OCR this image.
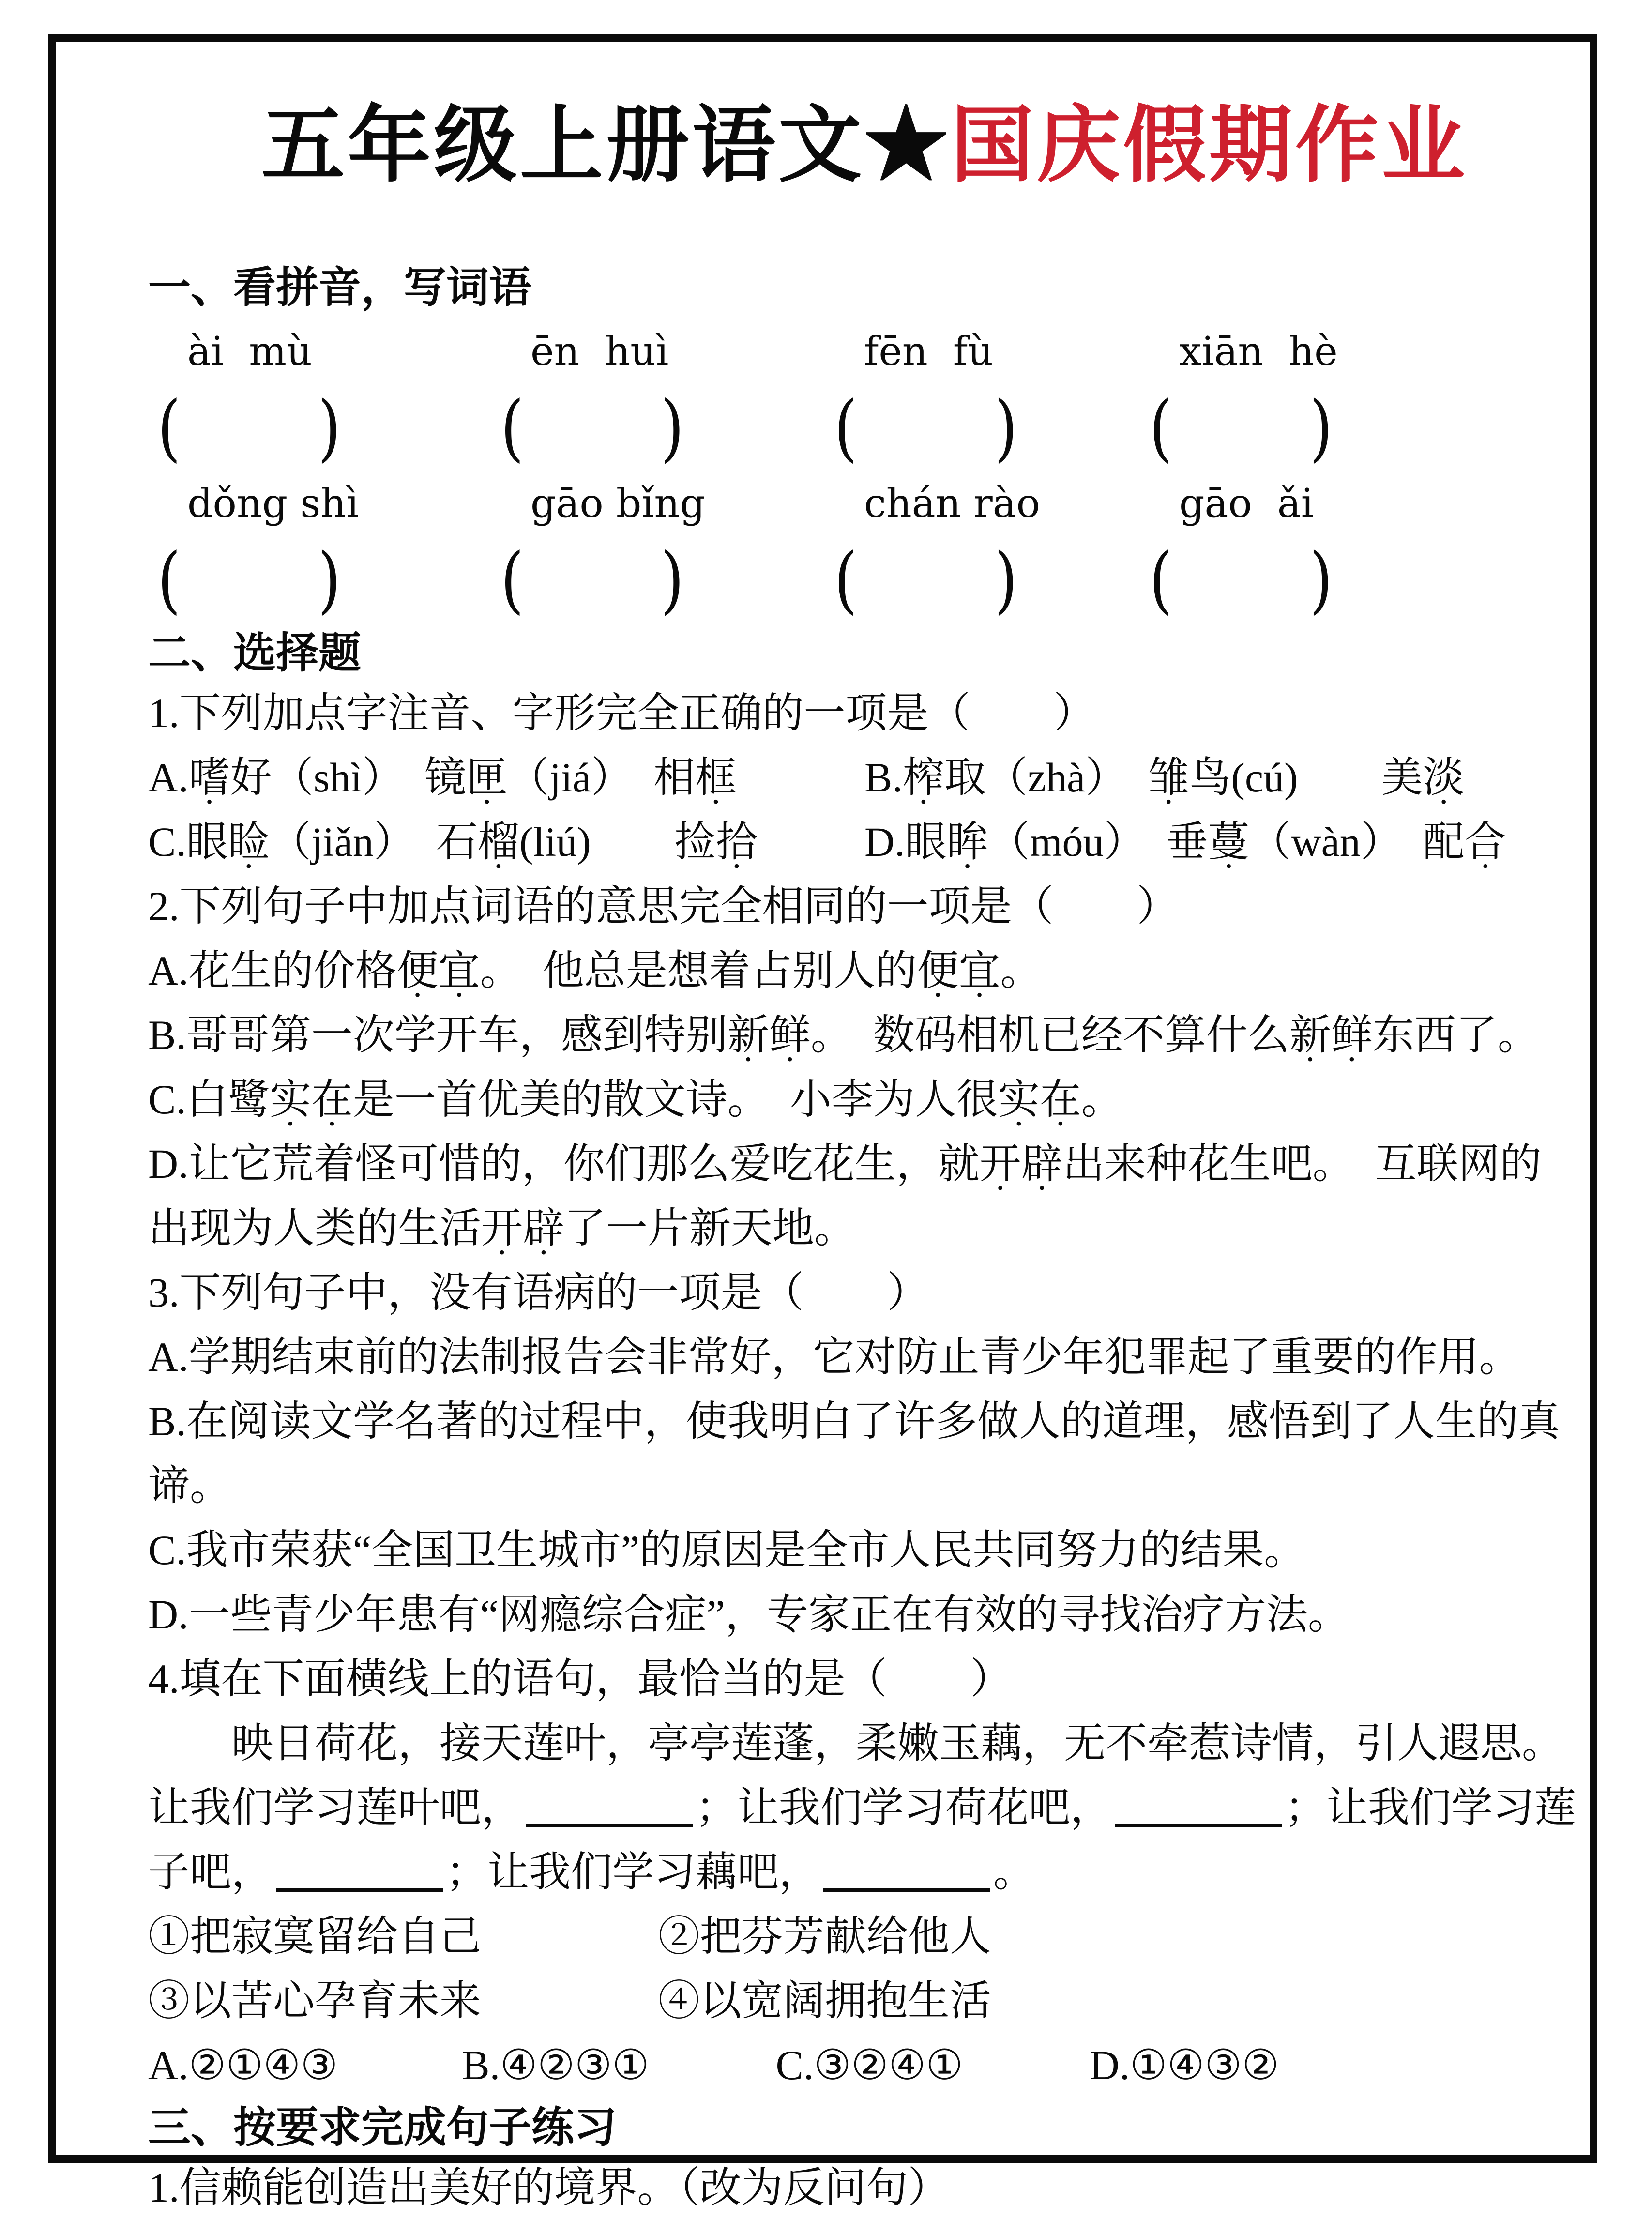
五年级上册语文★国庆假期作业
一、看拼音，写词语
ài  mù	ēn  huì	fēn  fù	xiān  hè
( )	( )	( )	( )
dǒng shì	gāo bǐng	chán rào	gāo  ǎi
( )	( )	( )	( )
二、选择题

1.下列加点字注音、字形完全正确的一项是（　　）

A.嗜好（shì）　镜匣（jiá）　相框	B.榨取（zhà）　雏鸟(cú)　　美淡
C.眼睑（jiǎn）　石榴(liú)　　捡拾	D.眼眸（móu）　垂蔓（wàn）　配合

2.下列句子中加点词语的意思完全相同的一项是（　　）

A.花生的价格便宜。　他总是想着占别人的便宜。

B.哥哥第一次学开车，感到特别新鲜。　数码相机已经不算什么新鲜东西了。

C.白鹭实在是一首优美的散文诗。　小李为人很实在。

D.让它荒着怪可惜的，你们那么爱吃花生，就开辟出来种花生吧。　互联网的出现为人类的生活开辟了一片新天地。

3.下列句子中，没有语病的一项是（　　）

A.学期结束前的法制报告会非常好，它对防止青少年犯罪起了重要的作用。

B.在阅读文学名著的过程中，使我明白了许多做人的道理，感悟到了人生的真谛。

C.我市荣获“全国卫生城市”的原因是全市人民共同努力的结果。

D.一些青少年患有“网瘾综合症”，专家正在有效的寻找治疗方法。

4.填在下面横线上的语句，最恰当的是（　　）

映日荷花，接天莲叶，亭亭莲蓬，柔嫩玉藕，无不牵惹诗情，引人遐思。让我们学习莲叶吧，	；让我们学习荷花吧，	；让我们学习莲子吧，	；让我们学习藕吧，	。

①把寂寞留给自己	②把芬芳献给他人

③以苦心孕育未来	④以宽阔拥抱生活

A.②①④③	B.④②③①	C.③②④①	D.①④③②

三、按要求完成句子练习

1.信赖能创造出美好的境界。（改为反问句）
